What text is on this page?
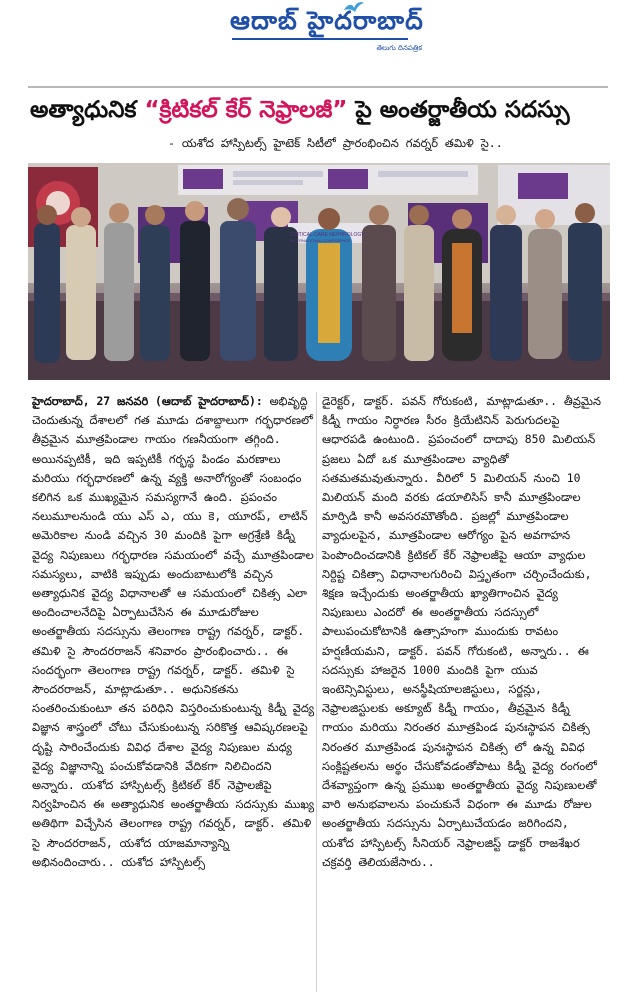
ఆదాబ్ హైదరాబాద్
తెలుగు దినపత్రిక
అత్యాధునిక “క్రిటికల్ కేర్ నెఫ్రాలజీ” పై అంతర్జాతీయ సదస్సు
- యశోద హాస్పిటల్స్ హైటెక్ సిటీలో ప్రారంభించిన గవర్నర్ తమిళి సై..
CRITICAL CARE NEPHROLOGY
INTERNATIONAL CONFERENCE

హైదరాబాద్, 27 జనవరి (ఆదాబ్ హైదరాబాద్): అభివృద్ధి చెందుతున్న దేశాలలో గత మూడు దశాబ్దాలుగా గర్భధారణలో తీవ్రమైన మూత్రపిండాల గాయం గణనీయంగా తగ్గింది. అయినప్పటికీ, ఇది ఇప్పటికీ గర్భస్థ పిండం మరణాలు మరియు గర్భధారణలో ఉన్న వ్యక్తి అనారోగ్యంతో సంబంధం కలిగిన ఒక ముఖ్యమైన సమస్యగానే ఉంది. ప్రపంచం నలుమూలనుండి యు ఎస్ ఎ, యు కె, యూరప్, లాటిన్ అమెరికాల నుండి వచ్చిన 30 మందికి పైగా అగ్రశ్రేణి కిడ్నీ వైద్య నిపుణులు గర్భధారణ సమయంలో వచ్చే మూత్రపిండాల సమస్యలు, వాటికి ఇప్పుడు అందుబాటులోకి వచ్చిన అత్యాధునిక వైద్య విధానాలతో ఆ సమయంలో చికిత్స ఎలా అందించాలనేదిపై ఏర్పాటుచేసిన ఈ మూడురోజుల అంతర్జాతీయ సదస్సును తెలంగాణ రాష్ట్ర గవర్నర్, డాక్టర్. తమిళి సై సౌందరరాజన్ శనివారం ప్రారంభించారు.. ఈ సందర్భంగా తెలంగాణ రాష్ట్ర గవర్నర్, డాక్టర్. తమిళి సై సౌందరరాజన్, మాట్లాడుతూ.. అధునికతను సంతరించుకుంటూ తన పరిధిని విస్తరించుకుంటున్న కిడ్నీ వైద్య విజ్ఞాన శాస్త్రంలో చోటు చేసుకుంటున్న సరికొత్త ఆవిష్కరణలపై దృష్టి సారించేందుకు వివిధ దేశాల వైద్య నిపుణుల మధ్య వైద్య విజ్ఞానాన్ని పంచుకోవడానికి వేదికగా నిలిచిందని అన్నారు. యశోద హాస్పిటల్స్ క్రిటికల్ కేర్ నెఫ్రాలజీపై నిర్వహించిన ఈ అత్యాధునిక అంతర్జాతీయ సదస్సుకు ముఖ్య అతిథిగా విచ్చేసిన తెలంగాణ రాష్ట్ర గవర్నర్, డాక్టర్. తమిళి సై సౌందరరాజన్, యశోద యాజమాన్యాన్ని అభినందించారు.. యశోద హాస్పిటల్స్

డైరెక్టర్, డాక్టర్. పవన్ గోరుకంటి, మాట్లాడుతూ.. తీవ్రమైన కిడ్నీ గాయం నిర్ధారణ సీరం క్రియేటినిన్ పెరుగుదలపై ఆధారపడి ఉంటుంది. ప్రపంచంలో దాదాపు 850 మిలియన్ ప్రజలు ఏదో ఒక మూత్రపిండాల వ్యాధితో సతమతమవుతున్నారు. వీరిలో 5 మిలియన్ నుంచి 10 మిలియన్ మంది వరకు డయాలిసిస్ కానీ మూత్రపిండాల మార్పిడి కానీ అవసరమౌతోంది. ప్రజల్లో మూత్రపిండాల వ్యాధులపైన, మూత్రపిండాల ఆరోగ్యం పైన అవగాహన పెంపొందించడానికి క్రిటికల్ కేర్ నెఫ్రాలజీపై ఆయా వ్యాధుల నిర్దిష్ట చికిత్సా విధానాలగురించి విస్తృతంగా చర్చించేందుకు, శిక్షణ ఇచ్చేందుకు అంతర్జాతీయ ఖ్యాతిగాంచిన వైద్య నిపుణులు ఎందరో ఈ అంతర్జాతీయ సదస్సులో పాలుపంచుకోటానికి ఉత్సాహంగా ముందుకు రావటం హర్షణీయమని, డాక్టర్. పవన్ గోరుకంటి, అన్నారు.. ఈ సదస్సుకు హాజరైన 1000 మందికి పైగా యువ ఇంటెన్సివిస్టులు, అనస్థీషియాలజిస్టులు, సర్జన్లు, నెఫ్రాలజిస్టులకు అక్యూట్ కిడ్నీ గాయం, తీవ్రమైన కిడ్నీ గాయం మరియు నిరంతర మూత్రపిండ పునఃస్థాపన చికిత్స నిరంతర మూత్రపిండ పునఃస్థాపన చికిత్స లో ఉన్న వివిధ సంక్లిష్టతలను అర్థం చేసుకోవడంతోపాటు కిడ్నీ వైద్య రంగంలో దేశవ్యాప్తంగా ఉన్న ప్రముఖ అంతర్జాతీయ వైద్య నిపుణులతో వారి అనుభవాలను పంచుకునే విధంగా ఈ మూడు రోజుల అంతర్జాతీయ సదస్సును ఏర్పాటుచేయడం జరిగిందని, యశోద హాస్పిటల్స్ సీనియర్ నెఫ్రాలజిస్ట్ డాక్టర్ రాజశేఖర చక్రవర్తి తెలియజేసారు..
